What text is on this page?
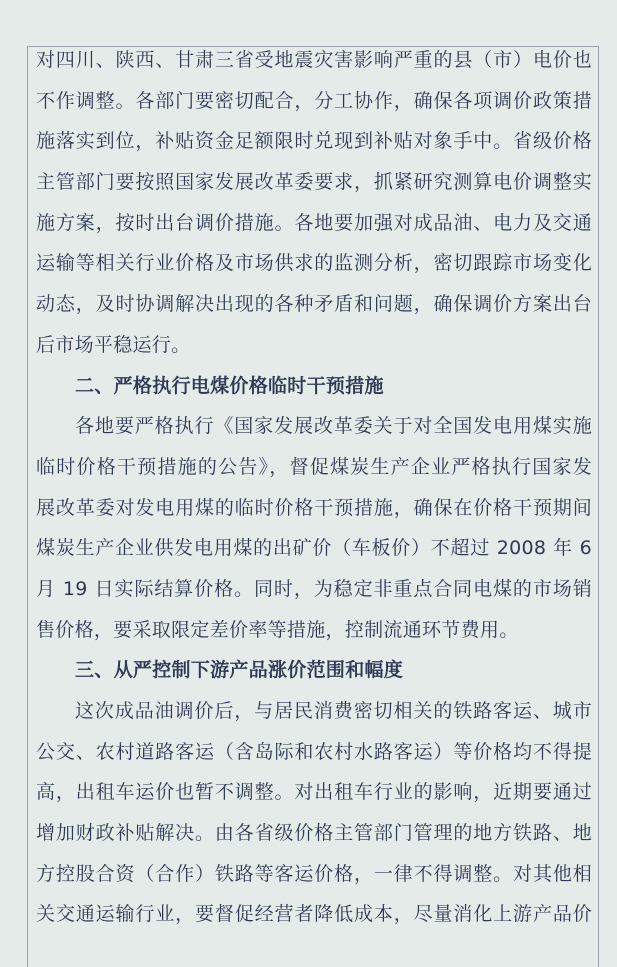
对四川、陕西、甘肃三省受地震灾害影响严重的县（市）电价也
不作调整。各部门要密切配合，分工协作，确保各项调价政策措
施落实到位，补贴资金足额限时兑现到补贴对象手中。省级价格
主管部门要按照国家发展改革委要求，抓紧研究测算电价调整实
施方案，按时出台调价措施。各地要加强对成品油、电力及交通
运输等相关行业价格及市场供求的监测分析，密切跟踪市场变化
动态，及时协调解决出现的各种矛盾和问题，确保调价方案出台
后市场平稳运行。
二、严格执行电煤价格临时干预措施
各地要严格执行《国家发展改革委关于对全国发电用煤实施
临时价格干预措施的公告》，督促煤炭生产企业严格执行国家发
展改革委对发电用煤的临时价格干预措施，确保在价格干预期间
煤炭生产企业供发电用煤的出矿价（车板价）不超过 2008 年 6
月 19 日实际结算价格。同时，为稳定非重点合同电煤的市场销
售价格，要采取限定差价率等措施，控制流通环节费用。
三、从严控制下游产品涨价范围和幅度
这次成品油调价后，与居民消费密切相关的铁路客运、城市
公交、农村道路客运（含岛际和农村水路客运）等价格均不得提
高，出租车运价也暂不调整。对出租车行业的影响，近期要通过
增加财政补贴解决。由各省级价格主管部门管理的地方铁路、地
方控股合资（合作）铁路等客运价格，一律不得调整。对其他相
关交通运输行业，要督促经营者降低成本，尽量消化上游产品价
